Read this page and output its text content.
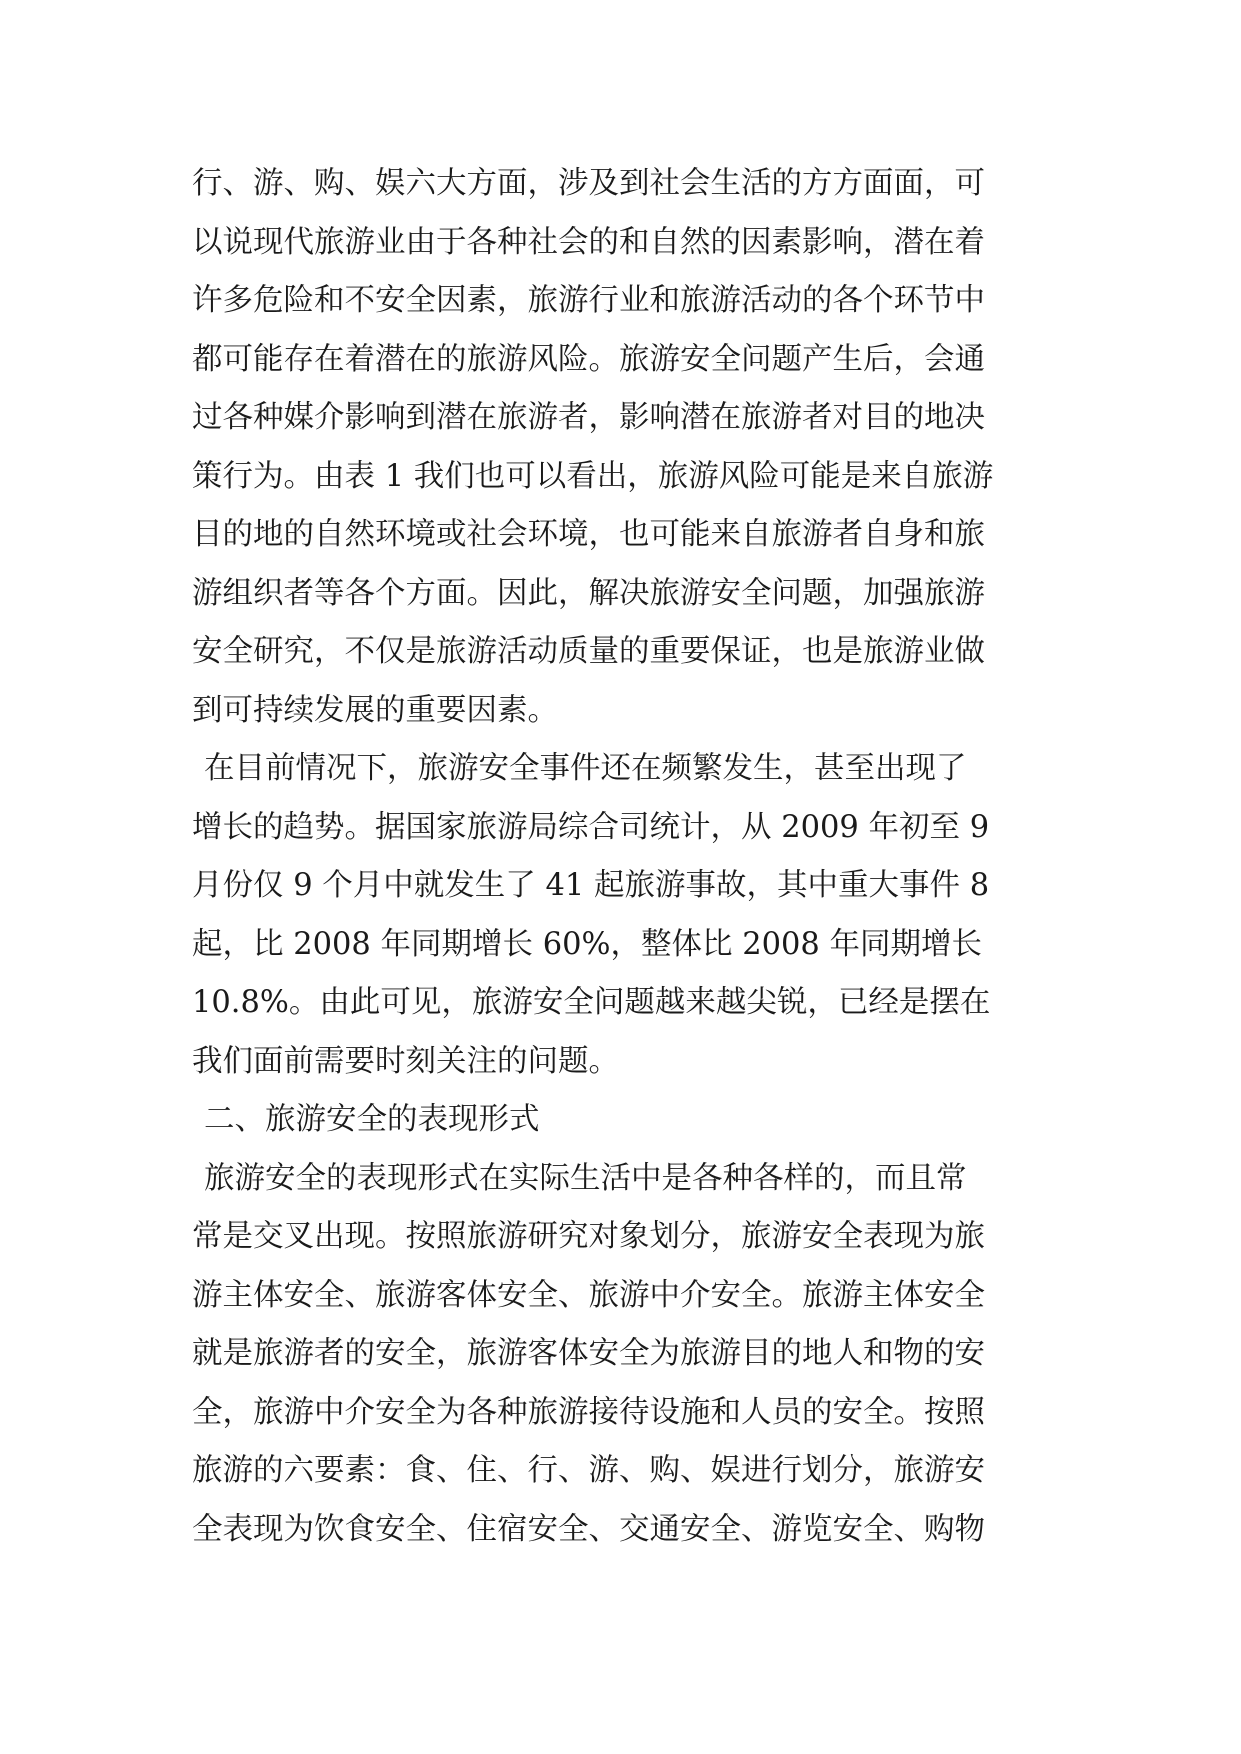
行、游、购、娱六大方面，涉及到社会生活的方方面面，可
以说现代旅游业由于各种社会的和自然的因素影响，潜在着
许多危险和不安全因素，旅游行业和旅游活动的各个环节中
都可能存在着潜在的旅游风险。旅游安全问题产生后，会通
过各种媒介影响到潜在旅游者，影响潜在旅游者对目的地决
策行为。由表 1 我们也可以看出，旅游风险可能是来自旅游
目的地的自然环境或社会环境，也可能来自旅游者自身和旅
游组织者等各个方面。因此，解决旅游安全问题，加强旅游
安全研究，不仅是旅游活动质量的重要保证，也是旅游业做
到可持续发展的重要因素。
在目前情况下，旅游安全事件还在频繁发生，甚至出现了
增长的趋势。据国家旅游局综合司统计，从 2009 年初至 9
月份仅 9 个月中就发生了 41 起旅游事故，其中重大事件 8
起，比 2008 年同期增长 60%，整体比 2008 年同期增长
10.8%。由此可见，旅游安全问题越来越尖锐，已经是摆在
我们面前需要时刻关注的问题。
二、旅游安全的表现形式
旅游安全的表现形式在实际生活中是各种各样的，而且常
常是交叉出现。按照旅游研究对象划分，旅游安全表现为旅
游主体安全、旅游客体安全、旅游中介安全。旅游主体安全
就是旅游者的安全，旅游客体安全为旅游目的地人和物的安
全，旅游中介安全为各种旅游接待设施和人员的安全。按照
旅游的六要素：食、住、行、游、购、娱进行划分，旅游安
全表现为饮食安全、住宿安全、交通安全、游览安全、购物
